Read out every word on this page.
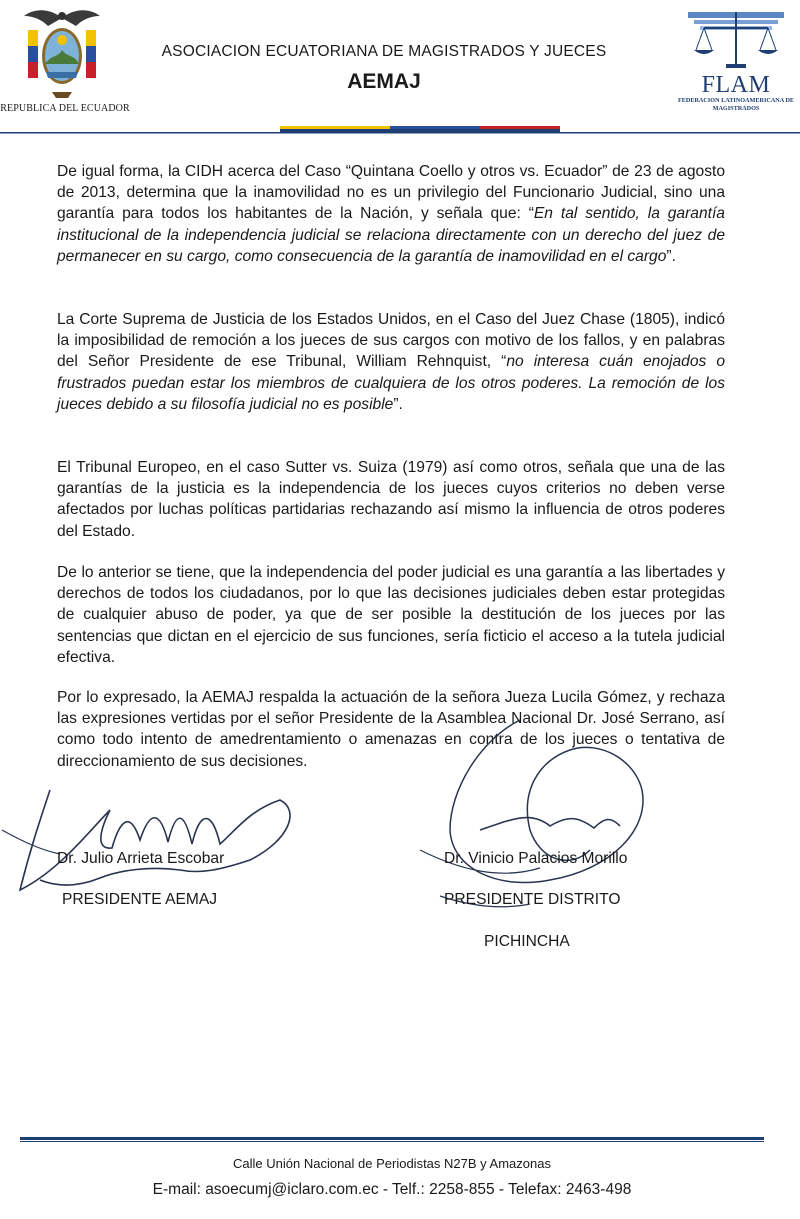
REPUBLICA DEL ECUADOR
ASOCIACION ECUATORIANA DE MAGISTRADOS Y JUECES
AEMAJ	FLAM
FEDERACION LATINOAMERICANA DE MAGISTRADOS

De igual forma, la CIDH acerca del Caso “Quintana Coello y otros vs. Ecuador” de 23 de agosto de 2013, determina que la inamovilidad no es un privilegio del Funcionario Judicial, sino una garantía para todos los habitantes de la Nación, y señala que: “En tal sentido, la garantía institucional de la independencia judicial se relaciona directamente con un derecho del juez de permanecer en su cargo, como consecuencia de la garantía de inamovilidad en el cargo”.

La Corte Suprema de Justicia de los Estados Unidos, en el Caso del Juez Chase (1805), indicó la imposibilidad de remoción a los jueces de sus cargos con motivo de los fallos, y en palabras del Señor Presidente de ese Tribunal, William Rehnquist, “no interesa cuán enojados o frustrados puedan estar los miembros de cualquiera de los otros poderes. La remoción de los jueces debido a su filosofía judicial no es posible”.

El Tribunal Europeo, en el caso Sutter vs. Suiza (1979) así como otros, señala que una de las garantías de la justicia es la independencia de los jueces cuyos criterios no deben verse afectados por luchas políticas partidarias rechazando así mismo la influencia de otros poderes del Estado.

De lo anterior se tiene, que la independencia del poder judicial es una garantía a las libertades y derechos de todos los ciudadanos, por lo que las decisiones judiciales deben estar protegidas de cualquier abuso de poder, ya que de ser posible la destitución de los jueces por las sentencias que dictan en el ejercicio de sus funciones, sería ficticio el acceso a la tutela judicial efectiva.

Por lo expresado, la AEMAJ respalda la actuación de la señora Jueza Lucila Gómez, y rechaza las expresiones vertidas por el señor Presidente de la Asamblea Nacional Dr. José Serrano, así como todo intento de amedrentamiento o amenazas en contra de los jueces o tentativa de direccionamiento de sus decisiones.

Dr. Julio Arrieta Escobar
PRESIDENTE AEMAJ
Dr. Vinicio Palacios Morillo
PRESIDENTE DISTRITO
PICHINCHA
Calle Unión Nacional de Periodistas N27B y Amazonas
E-mail: asoecumj@iclaro.com.ec - Telf.: 2258-855 - Telefax: 2463-498
